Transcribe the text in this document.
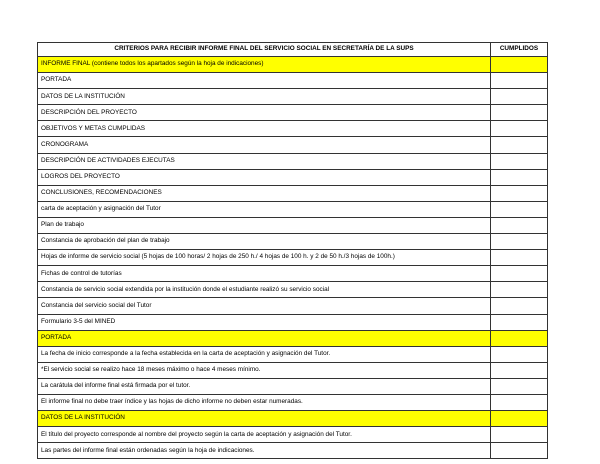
CRITERIOS PARA RECIBIR INFORME FINAL DEL SERVICIO SOCIAL EN SECRETARÍA DE LA SUPS	CUMPLIDOS
INFORME FINAL (contiene todos los apartados según la hoja de indicaciones)	
PORTADA	
DATOS DE LA INSTITUCIÓN	
DESCRIPCIÓN DEL PROYECTO	
OBJETIVOS Y METAS CUMPLIDAS	
CRONOGRAMA	
DESCRIPCIÓN DE ACTIVIDADES EJECUTAS	
LOGROS DEL PROYECTO	
CONCLUSIONES, RECOMENDACIONES	
carta de aceptación y asignación del Tutor	
Plan de trabajo	
Constancia de aprobación del plan de trabajo	
Hojas de informe de servicio social (5 hojas de 100 horas/ 2 hojas de 250 h./ 4 hojas de 100 h. y 2 de 50 h./3 hojas de 100h.)	
Fichas de control de tutorías	
Constancia de servicio social extendida por la institución donde el estudiante realizó su servicio social	
Constancia del servicio social del Tutor	
Formulario 3-5 del MINED	
PORTADA	
La fecha de inicio corresponde a la fecha establecida en la carta de aceptación y asignación del Tutor.	
*El servicio social se realizo hace 18 meses máximo o hace 4 meses mínimo.	
La carátula del informe final está firmada por el tutor.	
El informe final no debe traer índice y las hojas de dicho informe no deben estar numeradas.	
DATOS DE LA INSTITUCIÓN	
El título del proyecto corresponde al nombre del proyecto según la carta de aceptación y asignación del Tutor.	
Las partes del informe final están ordenadas según la hoja de indicaciones.	
